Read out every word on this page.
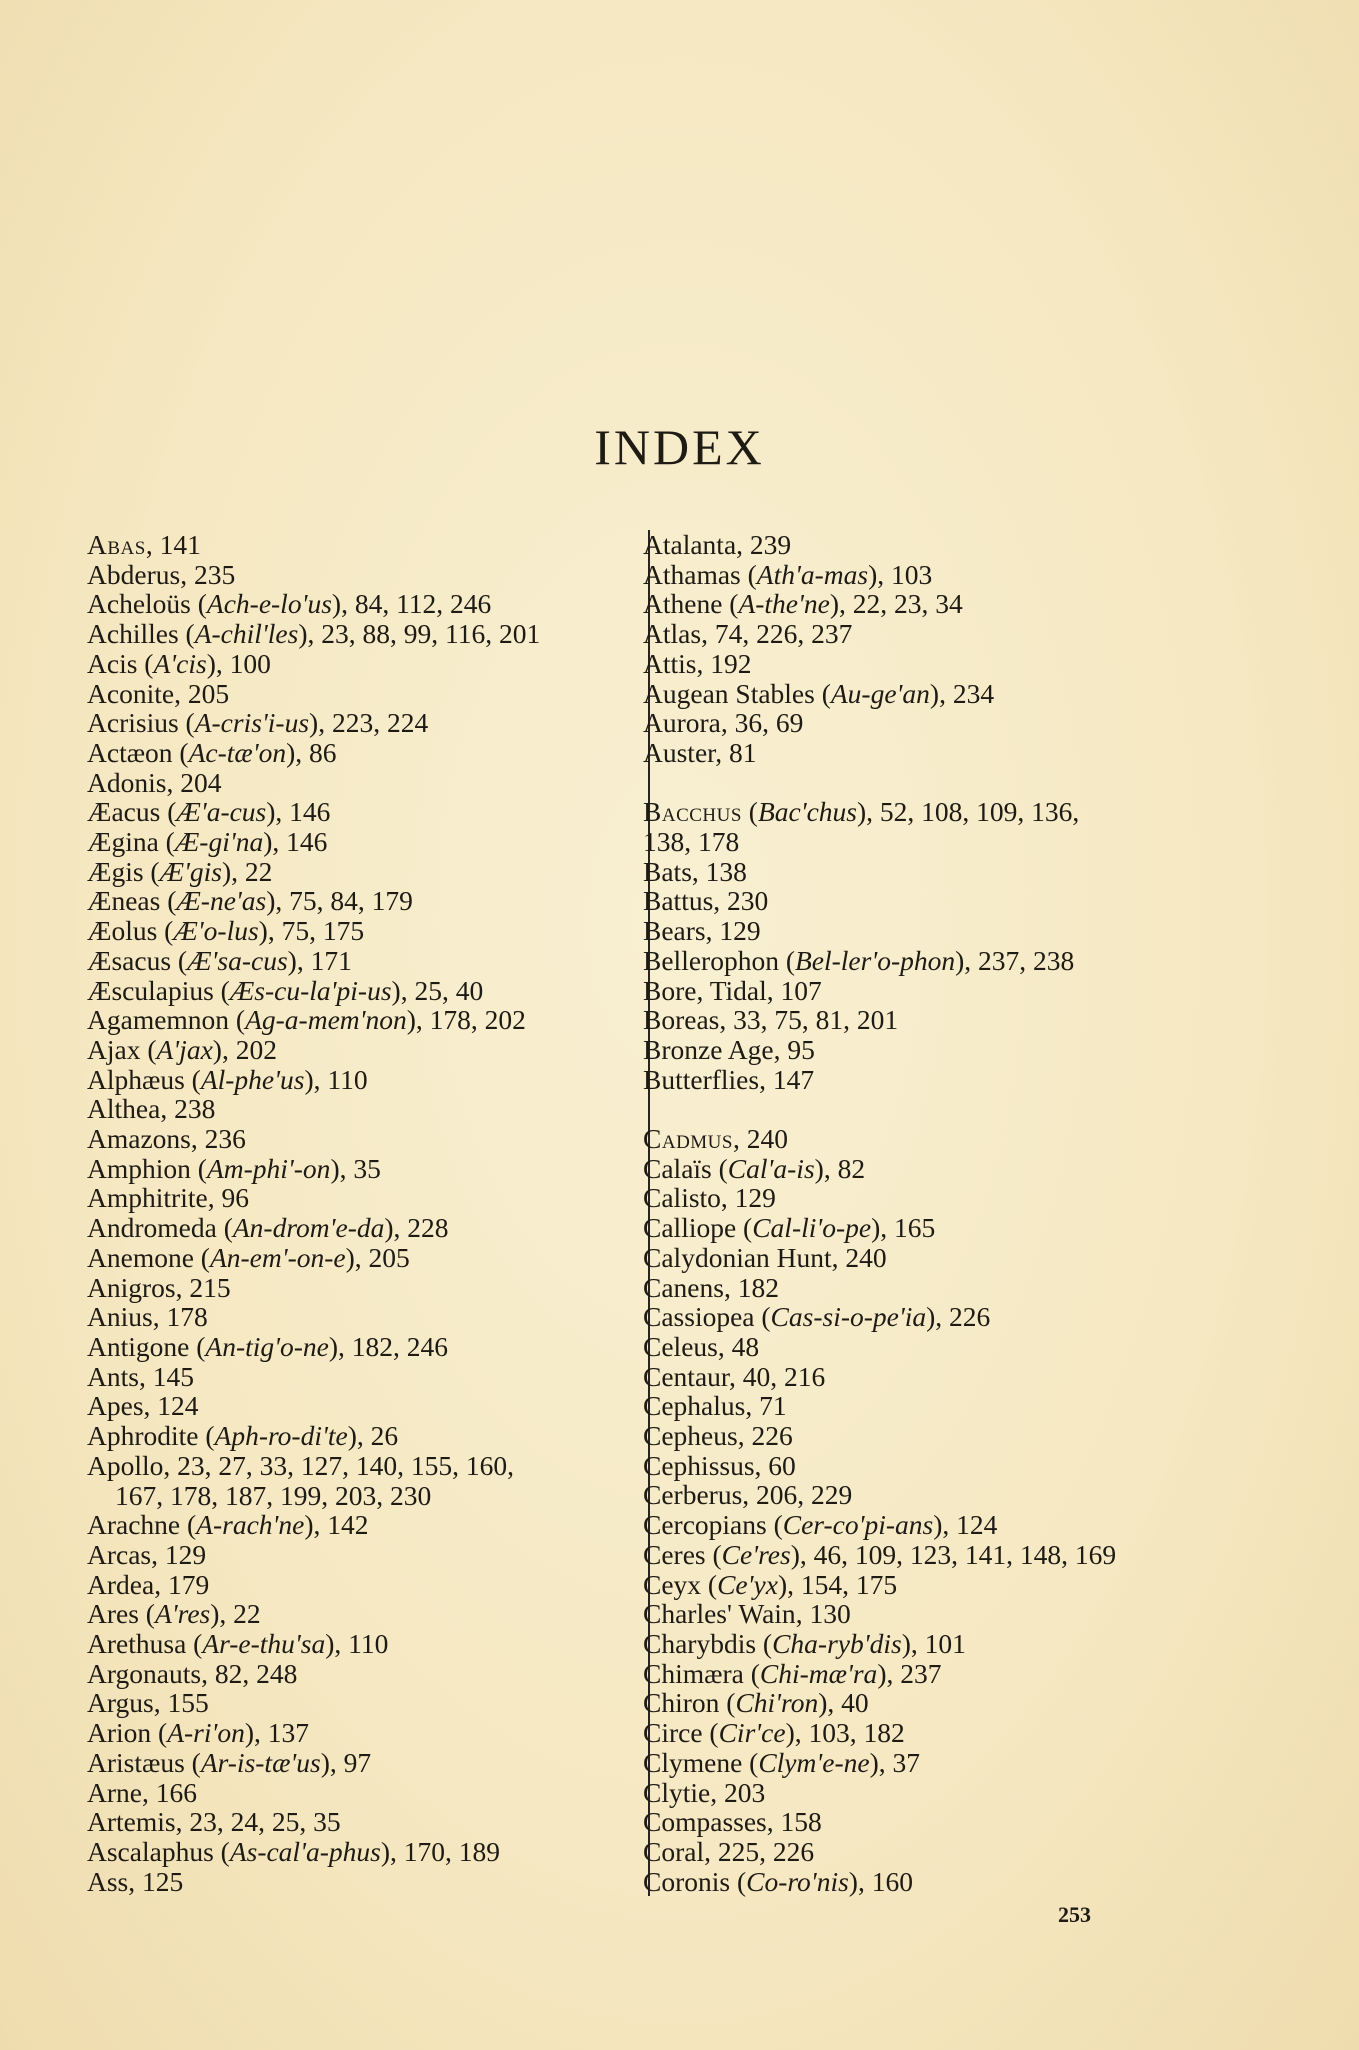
INDEX
Abas, 141
Abderus, 235
Acheloüs (Ach-e-lo'us), 84, 112, 246
Achilles (A-chil'les), 23, 88, 99, 116, 201
Acis (A'cis), 100
Aconite, 205
Acrisius (A-cris'i-us), 223, 224
Actæon (Ac-tæ'on), 86
Adonis, 204
Æacus (Æ'a-cus), 146
Ægina (Æ-gi'na), 146
Ægis (Æ'gis), 22
Æneas (Æ-ne'as), 75, 84, 179
Æolus (Æ'o-lus), 75, 175
Æsacus (Æ'sa-cus), 171
Æsculapius (Æs-cu-la'pi-us), 25, 40
Agamemnon (Ag-a-mem'non), 178, 202
Ajax (A'jax), 202
Alphæus (Al-phe'us), 110
Althea, 238
Amazons, 236
Amphion (Am-phi'-on), 35
Amphitrite, 96
Andromeda (An-drom'e-da), 228
Anemone (An-em'-on-e), 205
Anigros, 215
Anius, 178
Antigone (An-tig'o-ne), 182, 246
Ants, 145
Apes, 124
Aphrodite (Aph-ro-di'te), 26
Apollo, 23, 27, 33, 127, 140, 155, 160,
167, 178, 187, 199, 203, 230
Arachne (A-rach'ne), 142
Arcas, 129
Ardea, 179
Ares (A'res), 22
Arethusa (Ar-e-thu'sa), 110
Argonauts, 82, 248
Argus, 155
Arion (A-ri'on), 137
Aristæus (Ar-is-tæ'us), 97
Arne, 166
Artemis, 23, 24, 25, 35
Ascalaphus (As-cal'a-phus), 170, 189
Ass, 125
Atalanta, 239
Athamas (Ath'a-mas), 103
Athene (A-the'ne), 22, 23, 34
Atlas, 74, 226, 237
Attis, 192
Augean Stables (Au-ge'an), 234
Aurora, 36, 69
Auster, 81
Bacchus (Bac'chus), 52, 108, 109, 136,
138, 178
Bats, 138
Battus, 230
Bears, 129
Bellerophon (Bel-ler'o-phon), 237, 238
Bore, Tidal, 107
Boreas, 33, 75, 81, 201
Bronze Age, 95
Butterflies, 147
Cadmus, 240
Calaïs (Cal'a-is), 82
Calisto, 129
Calliope (Cal-li'o-pe), 165
Calydonian Hunt, 240
Canens, 182
Cassiopea (Cas-si-o-pe'ia), 226
Celeus, 48
Centaur, 40, 216
Cephalus, 71
Cepheus, 226
Cephissus, 60
Cerberus, 206, 229
Cercopians (Cer-co'pi-ans), 124
Ceres (Ce'res), 46, 109, 123, 141, 148, 169
Ceyx (Ce'yx), 154, 175
Charles' Wain, 130
Charybdis (Cha-ryb'dis), 101
Chimæra (Chi-mæ'ra), 237
Chiron (Chi'ron), 40
Circe (Cir'ce), 103, 182
Clymene (Clym'e-ne), 37
Clytie, 203
Compasses, 158
Coral, 225, 226
Coronis (Co-ro'nis), 160
253
